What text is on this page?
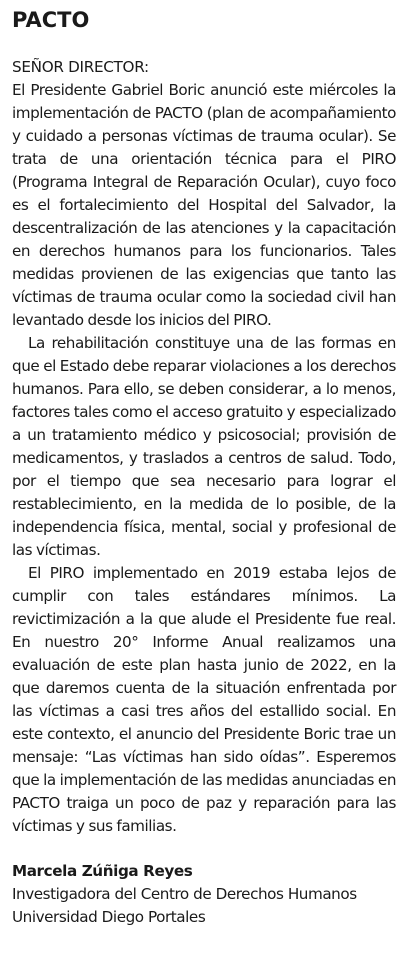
PACTO

SEÑOR DIRECTOR:

El Presidente Gabriel Boric anunció este miércoles la implementación de PACTO (plan de acompañamiento y cuidado a personas víctimas de trauma ocular). Se trata de una orientación técnica para el PIRO (Programa Integral de Reparación Ocular), cuyo foco es el fortalecimiento del Hospital del Salvador, la descentralización de las atenciones y la capacitación en derechos humanos para los funcionarios. Tales medidas provienen de las exigencias que tanto las víctimas de trauma ocular como la sociedad civil han levantado desde los inicios del PIRO.

La rehabilitación constituye una de las formas en que el Estado debe reparar violaciones a los derechos humanos. Para ello, se deben considerar, a lo menos, factores tales como el acceso gratuito y especializado a un tratamiento médico y psicosocial; provisión de medicamentos, y traslados a centros de salud. Todo, por el tiempo que sea necesario para lograr el restablecimiento, en la medida de lo posible, de la independencia física, mental, social y profesional de las víctimas.

El PIRO implementado en 2019 estaba lejos de cumplir con tales estándares mínimos. La revictimización a la que alude el Presidente fue real. En nuestro 20° Informe Anual realizamos una evaluación de este plan hasta junio de 2022, en la que daremos cuenta de la situación enfrentada por las víctimas a casi tres años del estallido social. En este contexto, el anuncio del Presidente Boric trae un mensaje: “Las víctimas han sido oídas”. Esperemos que la implementación de las medidas anunciadas en PACTO traiga un poco de paz y reparación para las víctimas y sus familias.

Marcela Zúñiga Reyes

Investigadora del Centro de Derechos Humanos

Universidad Diego Portales
